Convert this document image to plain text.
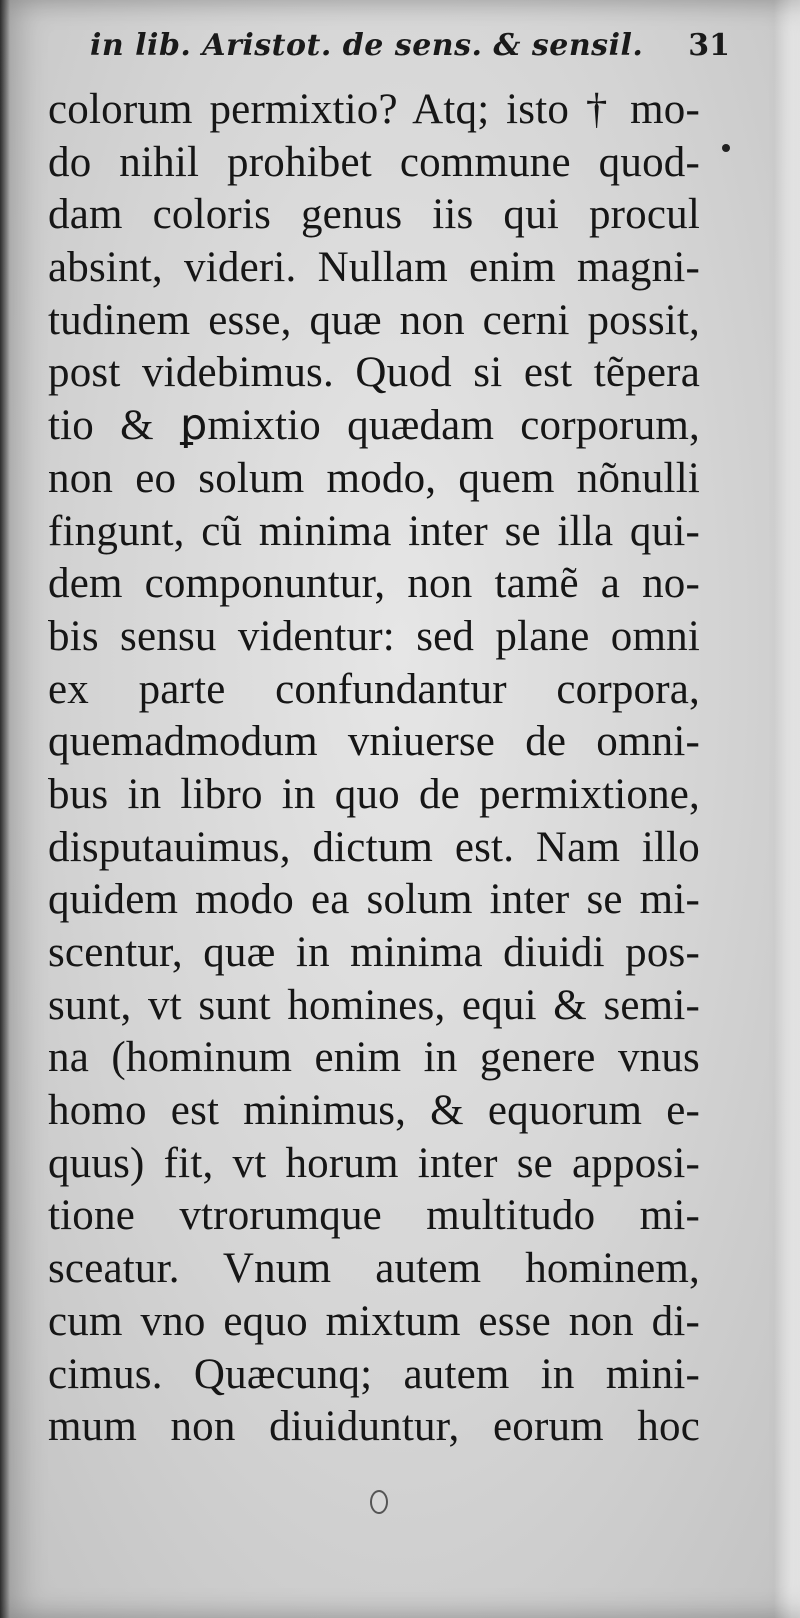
in lib. Aristot. de sens. & sensil. 31
colorum permixtio? Atq; isto † mo-
do nihil prohibet commune quod-
dam coloris genus iis qui procul
absint, videri. Nullam enim magni-
tudinem esse, quæ non cerni possit,
post videbimus. Quod si est tẽpera
tio & ꝑmixtio quædam corporum,
non eo solum modo, quem nõnulli
fingunt, cũ minima inter se illa qui-
dem componuntur, non tamẽ a no-
bis sensu videntur: sed plane omni
ex parte confundantur corpora,
quemadmodum vniuerse de omni-
bus in libro in quo de permixtione,
disputauimus, dictum est. Nam illo
quidem modo ea solum inter se mi-
scentur, quæ in minima diuidi pos-
sunt, vt sunt homines, equi & semi-
na (hominum enim in genere vnus
homo est minimus, & equorum e-
quus) fit, vt horum inter se apposi-
tione vtrorumque multitudo mi-
sceatur. Vnum autem hominem,
cum vno equo mixtum esse non di-
cimus. Quæcunq; autem in mini-
mum non diuiduntur, eorum hoc
